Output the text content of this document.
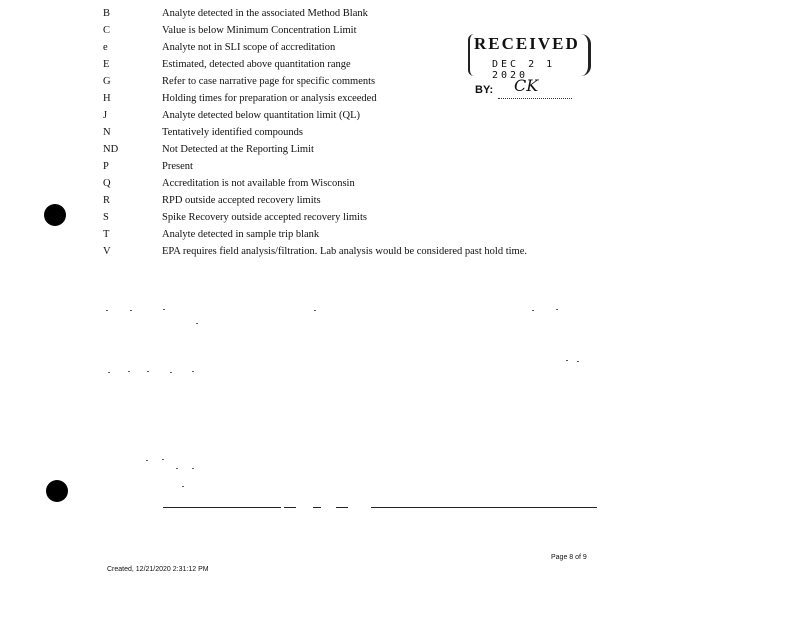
B	Analyte detected in the associated Method Blank
C	Value is below Minimum Concentration Limit
e	Analyte not in SLI scope of accreditation
E	Estimated, detected above quantitation range
G	Refer to case narrative page for specific comments
H	Holding times for preparation or analysis exceeded
J	Analyte detected below quantitation limit (QL)
N	Tentatively identified compounds
ND	Not Detected at the Reporting Limit
P	Present
Q	Accreditation is not available from Wisconsin
R	RPD outside accepted recovery limits
S	Spike Recovery outside accepted recovery limits
T	Analyte detected in sample trip blank
V	EPA requires field analysis/filtration. Lab analysis would be considered past hold time.
RECEIVED
DEC 2 1 2020
BY: CK
Page 8 of 9
Created, 12/21/2020 2:31:12 PM
